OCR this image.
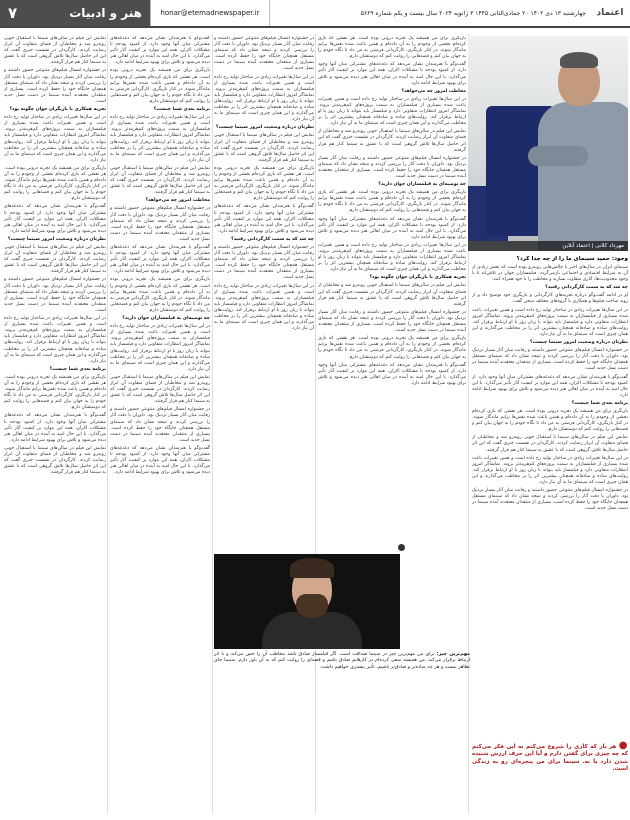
۷	هنر و ادبیات	honar@etemadnewspaper.ir	چهارشنبه ۱۳ دی ۱۴۰۲ ۲۰ جمادی‌الثانی ۱۴۴۵ ۳ ژانویه ۲۰۲۴ سال بیست و یکم شماره ۵۶۶۹	اعتماد
مهرداد کلانی | اعتماد آنلاین
وجود: حمید سینمای ما را از چه جدا کرد؟
سینمای ایران در سال‌های اخیر با چالش‌هایی روبه‌رو بوده است که بخش زیادی از آن به شرایط اقتصادی و اجتماعی بازمی‌گردد. فیلمسازان جوان در تلاش‌اند تا با وجود محدودیت‌ها، آثاری متفاوت بسازند و مخاطب را با خود همراه کنند.
چه شد که به سمت کارگردانی رفتید؟
او در ادامه گفت‌وگو درباره تجربه‌های کارگردانی و بازیگری خود توضیح داد و از روند ساخت فیلم‌ها و همکاری با گروه‌های مختلف سخن گفت.
در این سال‌ها تغییرات زیادی در ساختار تولید رخ داده است و همین تغییرات باعث شده بسیاری از فیلمسازان به سمت پروژه‌های کم‌هزینه‌تر بروند. تماشاگر امروز انتظارات متفاوتی دارد و فیلمساز باید بتواند با زبان روز با او ارتباط برقرار کند. روایت‌های ساده و صادقانه همچنان بیشترین اثر را بر مخاطب می‌گذارند و این همان چیزی است که سینمای ما به آن نیاز دارد.
نظرتان درباره وضعیت امروز سینما چیست؟
در جشنواره امسال فیلم‌های متنوعی حضور داشتند و رقابت میان آثار بسیار نزدیک بود. داوران با دقت آثار را بررسی کردند و نتیجه نشان داد که سینمای مستقل همچنان جایگاه خود را حفظ کرده است. بسیاری از منتقدان معتقدند آینده سینما در دست نسل جدید است.
گفت‌وگو با هنرمندان نشان می‌دهد که دغدغه‌های مشترکی میان آنها وجود دارد. از کمبود بودجه تا مشکلات اکران، همه این موارد بر کیفیت آثار تأثیر می‌گذارد. با این حال امید به آینده در میان اهالی هنر دیده می‌شود و تلاش برای بهبود شرایط ادامه دارد.
برنامه بعدی شما چیست؟
بازیگری برای من همیشه یک تجربه درونی بوده است. هر نقشی که بازی کرده‌ام بخشی از وجودم را به آن داده‌ام و همین باعث شده نقش‌ها برایم ماندگار شوند. در کنار بازیگری، کارگردانی فرصتی به من داد تا نگاه خودم را به جهان بیان کنم و قصه‌هایی را روایت کنم که دوستشان دارم.
نمایش این فیلم در سالن‌های سینما با استقبال خوبی روبه‌رو شد و مخاطبان از فضای متفاوت آن ابراز رضایت کردند. کارگردان در نشست خبری گفت که این اثر حاصل سال‌ها تلاش گروهی است که با عشق به سینما کنار هم قرار گرفتند.
در این سال‌ها تغییرات زیادی در ساختار تولید رخ داده است و همین تغییرات باعث شده بسیاری از فیلمسازان به سمت پروژه‌های کم‌هزینه‌تر بروند. تماشاگر امروز انتظارات متفاوتی دارد و فیلمساز باید بتواند با زبان روز با او ارتباط برقرار کند. روایت‌های ساده و صادقانه همچنان بیشترین اثر را بر مخاطب می‌گذارند و این همان چیزی است که سینمای ما به آن نیاز دارد.
در جشنواره امسال فیلم‌های متنوعی حضور داشتند و رقابت میان آثار بسیار نزدیک بود. داوران با دقت آثار را بررسی کردند و نتیجه نشان داد که سینمای مستقل همچنان جایگاه خود را حفظ کرده است. بسیاری از منتقدان معتقدند آینده سینما در دست نسل جدید است.
بازیگری برای من همیشه یک تجربه درونی بوده است. هر نقشی که بازی کرده‌ام بخشی از وجودم را به آن داده‌ام و همین باعث شده نقش‌ها برایم ماندگار شوند. در کنار بازیگری، کارگردانی فرصتی به من داد تا نگاه خودم را به جهان بیان کنم و قصه‌هایی را روایت کنم که دوستشان دارم.
گفت‌وگو با هنرمندان نشان می‌دهد که دغدغه‌های مشترکی میان آنها وجود دارد. از کمبود بودجه تا مشکلات اکران، همه این موارد بر کیفیت آثار تأثیر می‌گذارد. با این حال امید به آینده در میان اهالی هنر دیده می‌شود و تلاش برای بهبود شرایط ادامه دارد.
مخاطب امروز چه می‌خواهد؟
در این سال‌ها تغییرات زیادی در ساختار تولید رخ داده است و همین تغییرات باعث شده بسیاری از فیلمسازان به سمت پروژه‌های کم‌هزینه‌تر بروند. تماشاگر امروز انتظارات متفاوتی دارد و فیلمساز باید بتواند با زبان روز با او ارتباط برقرار کند. روایت‌های ساده و صادقانه همچنان بیشترین اثر را بر مخاطب می‌گذارند و این همان چیزی است که سینمای ما به آن نیاز دارد.
نمایش این فیلم در سالن‌های سینما با استقبال خوبی روبه‌رو شد و مخاطبان از فضای متفاوت آن ابراز رضایت کردند. کارگردان در نشست خبری گفت که این اثر حاصل سال‌ها تلاش گروهی است که با عشق به سینما کنار هم قرار گرفتند.
در جشنواره امسال فیلم‌های متنوعی حضور داشتند و رقابت میان آثار بسیار نزدیک بود. داوران با دقت آثار را بررسی کردند و نتیجه نشان داد که سینمای مستقل همچنان جایگاه خود را حفظ کرده است. بسیاری از منتقدان معتقدند آینده سینما در دست نسل جدید است.
چه توصیه‌ای به فیلمسازان جوان دارید؟
بازیگری برای من همیشه یک تجربه درونی بوده است. هر نقشی که بازی کرده‌ام بخشی از وجودم را به آن داده‌ام و همین باعث شده نقش‌ها برایم ماندگار شوند. در کنار بازیگری، کارگردانی فرصتی به من داد تا نگاه خودم را به جهان بیان کنم و قصه‌هایی را روایت کنم که دوستشان دارم.
گفت‌وگو با هنرمندان نشان می‌دهد که دغدغه‌های مشترکی میان آنها وجود دارد. از کمبود بودجه تا مشکلات اکران، همه این موارد بر کیفیت آثار تأثیر می‌گذارد. با این حال امید به آینده در میان اهالی هنر دیده می‌شود و تلاش برای بهبود شرایط ادامه دارد.
در این سال‌ها تغییرات زیادی در ساختار تولید رخ داده است و همین تغییرات باعث شده بسیاری از فیلمسازان به سمت پروژه‌های کم‌هزینه‌تر بروند. تماشاگر امروز انتظارات متفاوتی دارد و فیلمساز باید بتواند با زبان روز با او ارتباط برقرار کند. روایت‌های ساده و صادقانه همچنان بیشترین اثر را بر مخاطب می‌گذارند و این همان چیزی است که سینمای ما به آن نیاز دارد.
تجربه همکاری با بازیگران جوان چگونه بود؟
نمایش این فیلم در سالن‌های سینما با استقبال خوبی روبه‌رو شد و مخاطبان از فضای متفاوت آن ابراز رضایت کردند. کارگردان در نشست خبری گفت که این اثر حاصل سال‌ها تلاش گروهی است که با عشق به سینما کنار هم قرار گرفتند.
در جشنواره امسال فیلم‌های متنوعی حضور داشتند و رقابت میان آثار بسیار نزدیک بود. داوران با دقت آثار را بررسی کردند و نتیجه نشان داد که سینمای مستقل همچنان جایگاه خود را حفظ کرده است. بسیاری از منتقدان معتقدند آینده سینما در دست نسل جدید است.
بازیگری برای من همیشه یک تجربه درونی بوده است. هر نقشی که بازی کرده‌ام بخشی از وجودم را به آن داده‌ام و همین باعث شده نقش‌ها برایم ماندگار شوند. در کنار بازیگری، کارگردانی فرصتی به من داد تا نگاه خودم را به جهان بیان کنم و قصه‌هایی را روایت کنم که دوستشان دارم.
گفت‌وگو با هنرمندان نشان می‌دهد که دغدغه‌های مشترکی میان آنها وجود دارد. از کمبود بودجه تا مشکلات اکران، همه این موارد بر کیفیت آثار تأثیر می‌گذارد. با این حال امید به آینده در میان اهالی هنر دیده می‌شود و تلاش برای بهبود شرایط ادامه دارد.
در جشنواره امسال فیلم‌های متنوعی حضور داشتند و رقابت میان آثار بسیار نزدیک بود. داوران با دقت آثار را بررسی کردند و نتیجه نشان داد که سینمای مستقل همچنان جایگاه خود را حفظ کرده است. بسیاری از منتقدان معتقدند آینده سینما در دست نسل جدید است.
در این سال‌ها تغییرات زیادی در ساختار تولید رخ داده است و همین تغییرات باعث شده بسیاری از فیلمسازان به سمت پروژه‌های کم‌هزینه‌تر بروند. تماشاگر امروز انتظارات متفاوتی دارد و فیلمساز باید بتواند با زبان روز با او ارتباط برقرار کند. روایت‌های ساده و صادقانه همچنان بیشترین اثر را بر مخاطب می‌گذارند و این همان چیزی است که سینمای ما به آن نیاز دارد.
نظرتان درباره وضعیت امروز سینما چیست؟
نمایش این فیلم در سالن‌های سینما با استقبال خوبی روبه‌رو شد و مخاطبان از فضای متفاوت آن ابراز رضایت کردند. کارگردان در نشست خبری گفت که این اثر حاصل سال‌ها تلاش گروهی است که با عشق به سینما کنار هم قرار گرفتند.
بازیگری برای من همیشه یک تجربه درونی بوده است. هر نقشی که بازی کرده‌ام بخشی از وجودم را به آن داده‌ام و همین باعث شده نقش‌ها برایم ماندگار شوند. در کنار بازیگری، کارگردانی فرصتی به من داد تا نگاه خودم را به جهان بیان کنم و قصه‌هایی را روایت کنم که دوستشان دارم.
گفت‌وگو با هنرمندان نشان می‌دهد که دغدغه‌های مشترکی میان آنها وجود دارد. از کمبود بودجه تا مشکلات اکران، همه این موارد بر کیفیت آثار تأثیر می‌گذارد. با این حال امید به آینده در میان اهالی هنر دیده می‌شود و تلاش برای بهبود شرایط ادامه دارد.
چه شد که به سمت کارگردانی رفتید؟
در جشنواره امسال فیلم‌های متنوعی حضور داشتند و رقابت میان آثار بسیار نزدیک بود. داوران با دقت آثار را بررسی کردند و نتیجه نشان داد که سینمای مستقل همچنان جایگاه خود را حفظ کرده است. بسیاری از منتقدان معتقدند آینده سینما در دست نسل جدید است.
در این سال‌ها تغییرات زیادی در ساختار تولید رخ داده است و همین تغییرات باعث شده بسیاری از فیلمسازان به سمت پروژه‌های کم‌هزینه‌تر بروند. تماشاگر امروز انتظارات متفاوتی دارد و فیلمساز باید بتواند با زبان روز با او ارتباط برقرار کند. روایت‌های ساده و صادقانه همچنان بیشترین اثر را بر مخاطب می‌گذارند و این همان چیزی است که سینمای ما به آن نیاز دارد.
گفت‌وگو با هنرمندان نشان می‌دهد که دغدغه‌های مشترکی میان آنها وجود دارد. از کمبود بودجه تا مشکلات اکران، همه این موارد بر کیفیت آثار تأثیر می‌گذارد. با این حال امید به آینده در میان اهالی هنر دیده می‌شود و تلاش برای بهبود شرایط ادامه دارد.
بازیگری برای من همیشه یک تجربه درونی بوده است. هر نقشی که بازی کرده‌ام بخشی از وجودم را به آن داده‌ام و همین باعث شده نقش‌ها برایم ماندگار شوند. در کنار بازیگری، کارگردانی فرصتی به من داد تا نگاه خودم را به جهان بیان کنم و قصه‌هایی را روایت کنم که دوستشان دارم.
برنامه بعدی شما چیست؟
در این سال‌ها تغییرات زیادی در ساختار تولید رخ داده است و همین تغییرات باعث شده بسیاری از فیلمسازان به سمت پروژه‌های کم‌هزینه‌تر بروند. تماشاگر امروز انتظارات متفاوتی دارد و فیلمساز باید بتواند با زبان روز با او ارتباط برقرار کند. روایت‌های ساده و صادقانه همچنان بیشترین اثر را بر مخاطب می‌گذارند و این همان چیزی است که سینمای ما به آن نیاز دارد.
نمایش این فیلم در سالن‌های سینما با استقبال خوبی روبه‌رو شد و مخاطبان از فضای متفاوت آن ابراز رضایت کردند. کارگردان در نشست خبری گفت که این اثر حاصل سال‌ها تلاش گروهی است که با عشق به سینما کنار هم قرار گرفتند.
مخاطب امروز چه می‌خواهد؟
در جشنواره امسال فیلم‌های متنوعی حضور داشتند و رقابت میان آثار بسیار نزدیک بود. داوران با دقت آثار را بررسی کردند و نتیجه نشان داد که سینمای مستقل همچنان جایگاه خود را حفظ کرده است. بسیاری از منتقدان معتقدند آینده سینما در دست نسل جدید است.
گفت‌وگو با هنرمندان نشان می‌دهد که دغدغه‌های مشترکی میان آنها وجود دارد. از کمبود بودجه تا مشکلات اکران، همه این موارد بر کیفیت آثار تأثیر می‌گذارد. با این حال امید به آینده در میان اهالی هنر دیده می‌شود و تلاش برای بهبود شرایط ادامه دارد.
بازیگری برای من همیشه یک تجربه درونی بوده است. هر نقشی که بازی کرده‌ام بخشی از وجودم را به آن داده‌ام و همین باعث شده نقش‌ها برایم ماندگار شوند. در کنار بازیگری، کارگردانی فرصتی به من داد تا نگاه خودم را به جهان بیان کنم و قصه‌هایی را روایت کنم که دوستشان دارم.
چه توصیه‌ای به فیلمسازان جوان دارید؟
در این سال‌ها تغییرات زیادی در ساختار تولید رخ داده است و همین تغییرات باعث شده بسیاری از فیلمسازان به سمت پروژه‌های کم‌هزینه‌تر بروند. تماشاگر امروز انتظارات متفاوتی دارد و فیلمساز باید بتواند با زبان روز با او ارتباط برقرار کند. روایت‌های ساده و صادقانه همچنان بیشترین اثر را بر مخاطب می‌گذارند و این همان چیزی است که سینمای ما به آن نیاز دارد.
نمایش این فیلم در سالن‌های سینما با استقبال خوبی روبه‌رو شد و مخاطبان از فضای متفاوت آن ابراز رضایت کردند. کارگردان در نشست خبری گفت که این اثر حاصل سال‌ها تلاش گروهی است که با عشق به سینما کنار هم قرار گرفتند.
در جشنواره امسال فیلم‌های متنوعی حضور داشتند و رقابت میان آثار بسیار نزدیک بود. داوران با دقت آثار را بررسی کردند و نتیجه نشان داد که سینمای مستقل همچنان جایگاه خود را حفظ کرده است. بسیاری از منتقدان معتقدند آینده سینما در دست نسل جدید است.
گفت‌وگو با هنرمندان نشان می‌دهد که دغدغه‌های مشترکی میان آنها وجود دارد. از کمبود بودجه تا مشکلات اکران، همه این موارد بر کیفیت آثار تأثیر می‌گذارد. با این حال امید به آینده در میان اهالی هنر دیده می‌شود و تلاش برای بهبود شرایط ادامه دارد.
نمایش این فیلم در سالن‌های سینما با استقبال خوبی روبه‌رو شد و مخاطبان از فضای متفاوت آن ابراز رضایت کردند. کارگردان در نشست خبری گفت که این اثر حاصل سال‌ها تلاش گروهی است که با عشق به سینما کنار هم قرار گرفتند.
در جشنواره امسال فیلم‌های متنوعی حضور داشتند و رقابت میان آثار بسیار نزدیک بود. داوران با دقت آثار را بررسی کردند و نتیجه نشان داد که سینمای مستقل همچنان جایگاه خود را حفظ کرده است. بسیاری از منتقدان معتقدند آینده سینما در دست نسل جدید است.
تجربه همکاری با بازیگران جوان چگونه بود؟
در این سال‌ها تغییرات زیادی در ساختار تولید رخ داده است و همین تغییرات باعث شده بسیاری از فیلمسازان به سمت پروژه‌های کم‌هزینه‌تر بروند. تماشاگر امروز انتظارات متفاوتی دارد و فیلمساز باید بتواند با زبان روز با او ارتباط برقرار کند. روایت‌های ساده و صادقانه همچنان بیشترین اثر را بر مخاطب می‌گذارند و این همان چیزی است که سینمای ما به آن نیاز دارد.
بازیگری برای من همیشه یک تجربه درونی بوده است. هر نقشی که بازی کرده‌ام بخشی از وجودم را به آن داده‌ام و همین باعث شده نقش‌ها برایم ماندگار شوند. در کنار بازیگری، کارگردانی فرصتی به من داد تا نگاه خودم را به جهان بیان کنم و قصه‌هایی را روایت کنم که دوستشان دارم.
گفت‌وگو با هنرمندان نشان می‌دهد که دغدغه‌های مشترکی میان آنها وجود دارد. از کمبود بودجه تا مشکلات اکران، همه این موارد بر کیفیت آثار تأثیر می‌گذارد. با این حال امید به آینده در میان اهالی هنر دیده می‌شود و تلاش برای بهبود شرایط ادامه دارد.
نظرتان درباره وضعیت امروز سینما چیست؟
نمایش این فیلم در سالن‌های سینما با استقبال خوبی روبه‌رو شد و مخاطبان از فضای متفاوت آن ابراز رضایت کردند. کارگردان در نشست خبری گفت که این اثر حاصل سال‌ها تلاش گروهی است که با عشق به سینما کنار هم قرار گرفتند.
در جشنواره امسال فیلم‌های متنوعی حضور داشتند و رقابت میان آثار بسیار نزدیک بود. داوران با دقت آثار را بررسی کردند و نتیجه نشان داد که سینمای مستقل همچنان جایگاه خود را حفظ کرده است. بسیاری از منتقدان معتقدند آینده سینما در دست نسل جدید است.
در این سال‌ها تغییرات زیادی در ساختار تولید رخ داده است و همین تغییرات باعث شده بسیاری از فیلمسازان به سمت پروژه‌های کم‌هزینه‌تر بروند. تماشاگر امروز انتظارات متفاوتی دارد و فیلمساز باید بتواند با زبان روز با او ارتباط برقرار کند. روایت‌های ساده و صادقانه همچنان بیشترین اثر را بر مخاطب می‌گذارند و این همان چیزی است که سینمای ما به آن نیاز دارد.
برنامه بعدی شما چیست؟
بازیگری برای من همیشه یک تجربه درونی بوده است. هر نقشی که بازی کرده‌ام بخشی از وجودم را به آن داده‌ام و همین باعث شده نقش‌ها برایم ماندگار شوند. در کنار بازیگری، کارگردانی فرصتی به من داد تا نگاه خودم را به جهان بیان کنم و قصه‌هایی را روایت کنم که دوستشان دارم.
گفت‌وگو با هنرمندان نشان می‌دهد که دغدغه‌های مشترکی میان آنها وجود دارد. از کمبود بودجه تا مشکلات اکران، همه این موارد بر کیفیت آثار تأثیر می‌گذارد. با این حال امید به آینده در میان اهالی هنر دیده می‌شود و تلاش برای بهبود شرایط ادامه دارد.
نمایش این فیلم در سالن‌های سینما با استقبال خوبی روبه‌رو شد و مخاطبان از فضای متفاوت آن ابراز رضایت کردند. کارگردان در نشست خبری گفت که این اثر حاصل سال‌ها تلاش گروهی است که با عشق به سینما کنار هم قرار گرفتند.
مهم‌ترین چیز: برای من مهم‌ترین چیز در سینما صداقت است. اگر فیلمساز صادق باشد مخاطب آن را حس می‌کند و با اثر ارتباط برقرار می‌کند. من همیشه سعی کرده‌ام در کارهایم صادق باشم و قصه‌ای را روایت کنم که به آن باور دارم. سینما جای تظاهر نیست و هر چه ساده‌تر و صادق‌تر باشیم، تأثیر بیشتری خواهیم داشت.
● هر بار که کاری را شروع می‌کنم به این فکر می‌کنم که چه چیزی برای گفتن دارم و آیا این حرف ارزش شنیده شدن دارد یا نه. سینما برای من پنجره‌ای رو به زندگی است.
